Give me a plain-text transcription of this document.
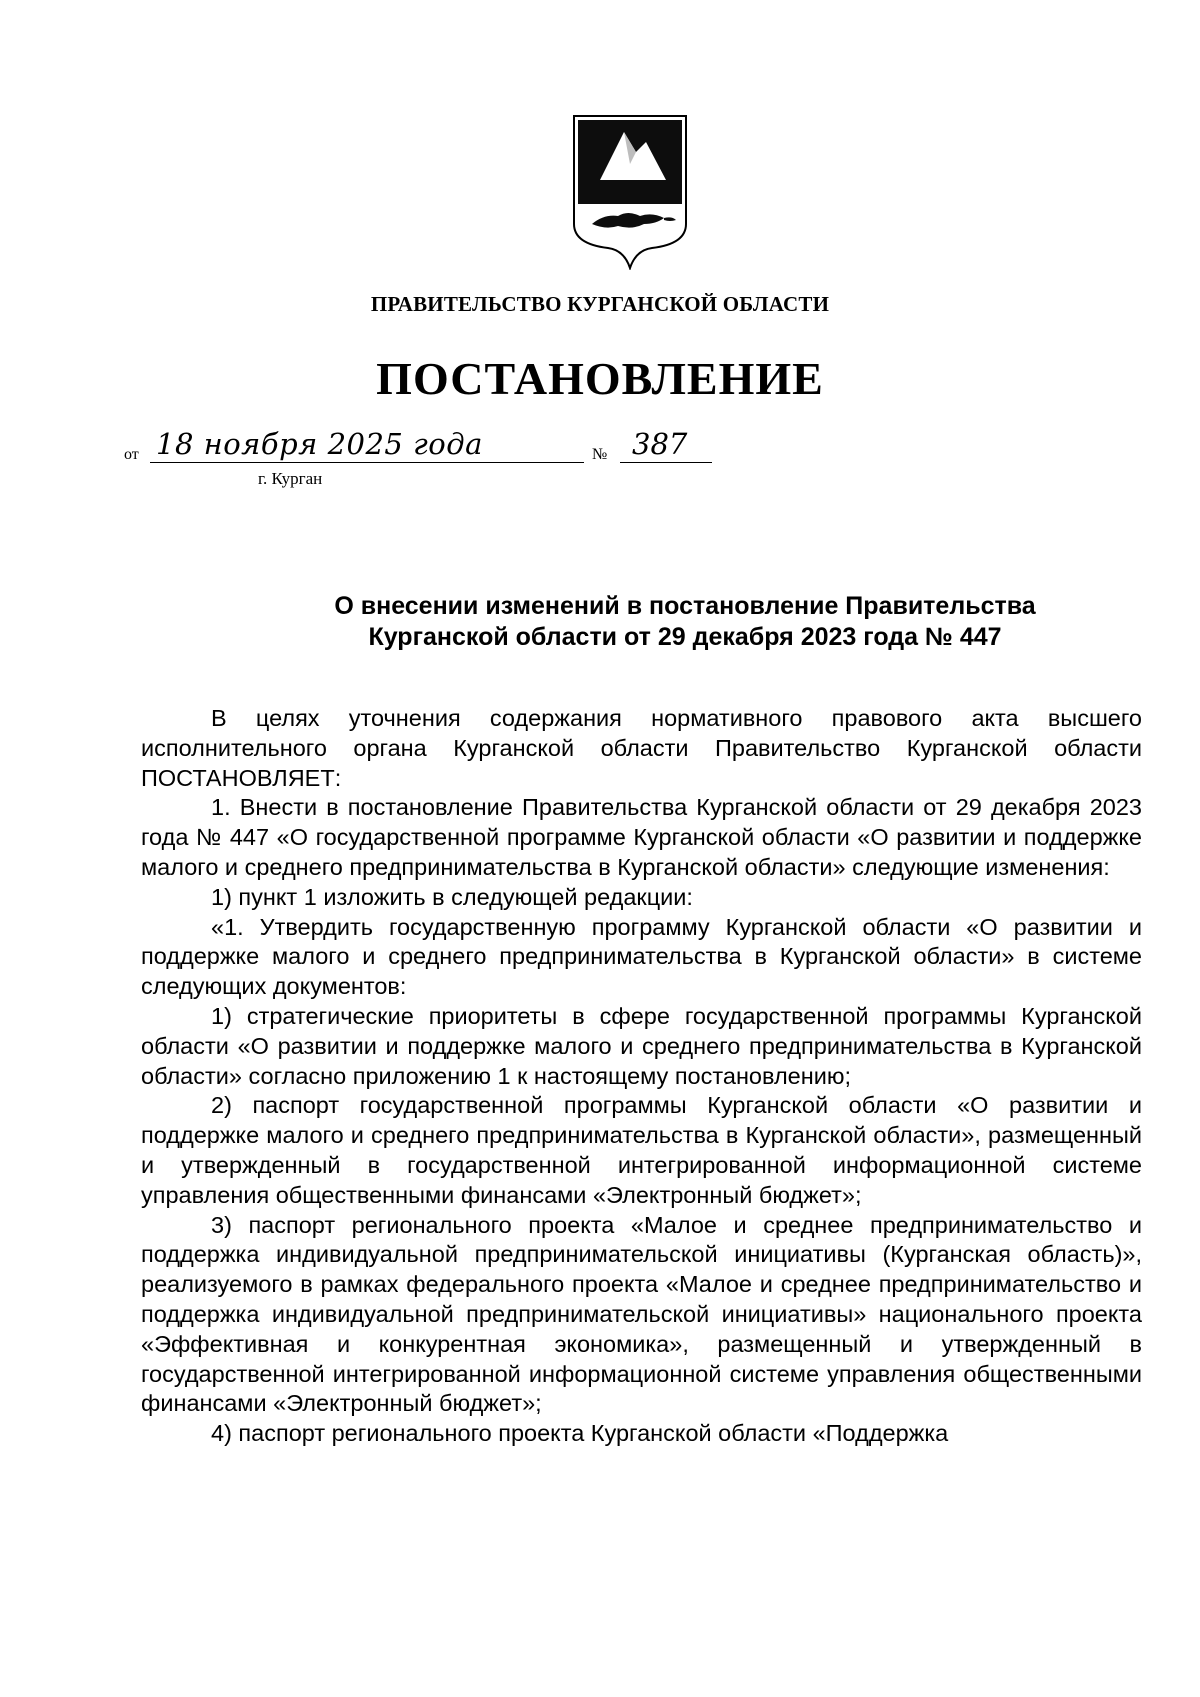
ПРАВИТЕЛЬСТВО КУРГАНСКОЙ ОБЛАСТИ
ПОСТАНОВЛЕНИЕ
от 18 ноября 2025 года	№ 387
г. Курган
О внесении изменений в постановление Правительства
Курганской области от 29 декабря 2023 года № 447

В целях уточнения содержания нормативного правового акта высшего исполнительного органа Курганской области Правительство Курганской области ПОСТАНОВЛЯЕТ:

1. Внести в постановление Правительства Курганской области от 29 декабря 2023 года № 447 «О государственной программе Курганской области «О развитии и поддержке малого и среднего предпринимательства в Курганской области» следующие изменения:

1) пункт 1 изложить в следующей редакции:

«1. Утвердить государственную программу Курганской области «О развитии и поддержке малого и среднего предпринимательства в Курганской области» в системе следующих документов:

1) стратегические приоритеты в сфере государственной программы Курганской области «О развитии и поддержке малого и среднего предпринимательства в Курганской области» согласно приложению 1 к настоящему постановлению;

2) паспорт государственной программы Курганской области «О развитии и поддержке малого и среднего предпринимательства в Курганской области», размещенный и утвержденный в государственной интегрированной информационной системе управления общественными финансами «Электронный бюджет»;

3) паспорт регионального проекта «Малое и среднее предпринимательство и поддержка индивидуальной предпринимательской инициативы (Курганская область)», реализуемого в рамках федерального проекта «Малое и среднее предпринимательство и поддержка индивидуальной предпринимательской инициативы» национального проекта «Эффективная и конкурентная экономика», размещенный и утвержденный в государственной интегрированной информационной системе управления общественными финансами «Электронный бюджет»;

4) паспорт регионального проекта Курганской области «Поддержка
